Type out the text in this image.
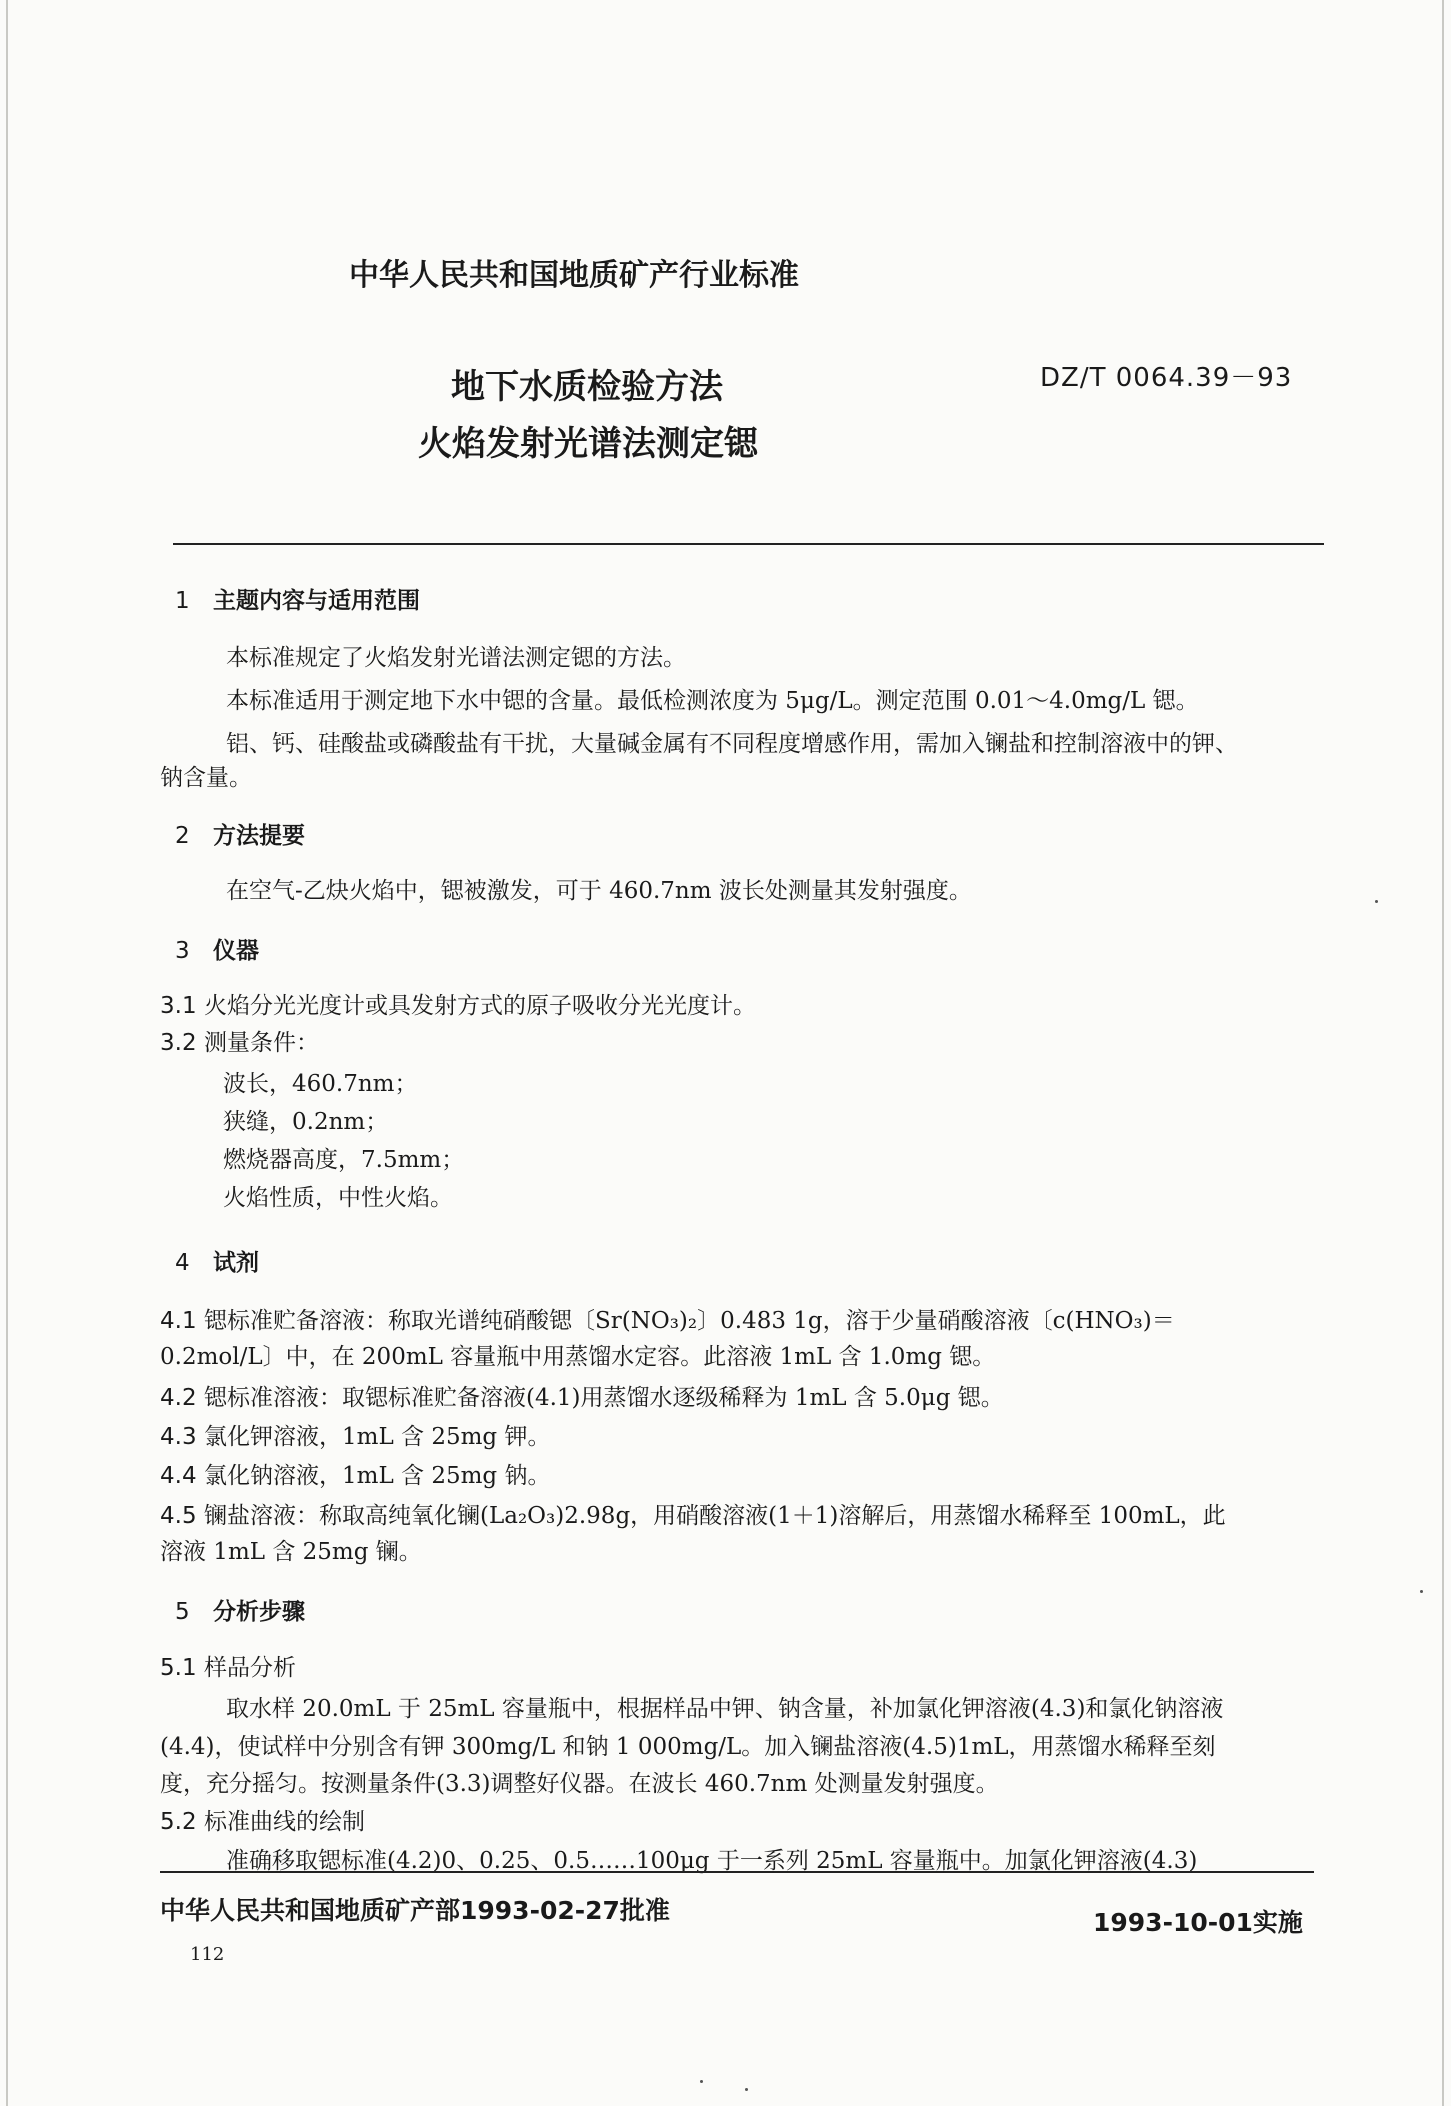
中华人民共和国地质矿产行业标准
地下水质检验方法
火焰发射光谱法测定锶
DZ/T 0064.39－93
1 主题内容与适用范围
本标准规定了火焰发射光谱法测定锶的方法。
本标准适用于测定地下水中锶的含量。最低检测浓度为 5μg/L。测定范围 0.01～4.0mg/L 锶。
铝、钙、硅酸盐或磷酸盐有干扰，大量碱金属有不同程度增感作用，需加入镧盐和控制溶液中的钾、
钠含量。
2 方法提要
在空气-乙炔火焰中，锶被激发，可于 460.7nm 波长处测量其发射强度。
3 仪器
3.1 火焰分光光度计或具发射方式的原子吸收分光光度计。
3.2 测量条件：
波长，460.7nm；
狭缝，0.2nm；
燃烧器高度，7.5mm；
火焰性质，中性火焰。
4 试剂
4.1 锶标准贮备溶液：称取光谱纯硝酸锶〔Sr(NO₃)₂〕0.483 1g，溶于少量硝酸溶液〔c(HNO₃)＝
0.2mol/L〕中，在 200mL 容量瓶中用蒸馏水定容。此溶液 1mL 含 1.0mg 锶。
4.2 锶标准溶液：取锶标准贮备溶液(4.1)用蒸馏水逐级稀释为 1mL 含 5.0μg 锶。
4.3 氯化钾溶液，1mL 含 25mg 钾。
4.4 氯化钠溶液，1mL 含 25mg 钠。
4.5 镧盐溶液：称取高纯氧化镧(La₂O₃)2.98g，用硝酸溶液(1＋1)溶解后，用蒸馏水稀释至 100mL，此
溶液 1mL 含 25mg 镧。
5 分析步骤
5.1 样品分析
取水样 20.0mL 于 25mL 容量瓶中，根据样品中钾、钠含量，补加氯化钾溶液(4.3)和氯化钠溶液
(4.4)，使试样中分别含有钾 300mg/L 和钠 1 000mg/L。加入镧盐溶液(4.5)1mL，用蒸馏水稀释至刻
度，充分摇匀。按测量条件(3.3)调整好仪器。在波长 460.7nm 处测量发射强度。
5.2 标准曲线的绘制
准确移取锶标准(4.2)0、0.25、0.5……100μg 于一系列 25mL 容量瓶中。加氯化钾溶液(4.3)
中华人民共和国地质矿产部1993-02-27批准	1993-10-01实施
112
